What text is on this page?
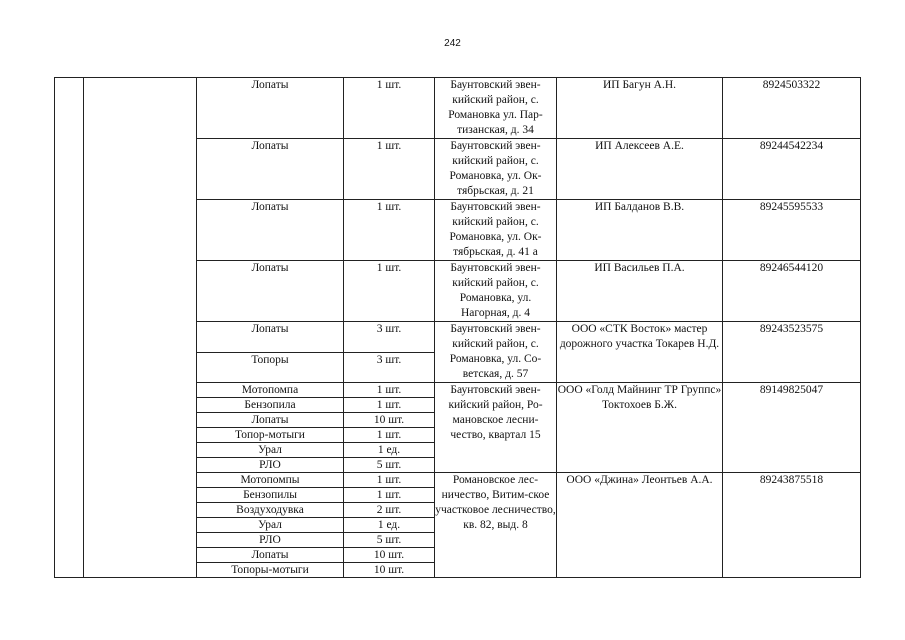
242
		Лопаты	1 шт.	Баунтовский эвен-кийский район, с. Романовка ул. Пар-тизанская, д. 34	ИП Багун А.Н.	8924503322
		Лопаты	1 шт.	Баунтовский эвен-кийский район, с. Романовка, ул. Ок-тябрьская, д. 21	ИП Алексеев А.Е.	89244542234
		Лопаты	1 шт.	Баунтовский эвен-кийский район, с. Романовка, ул. Ок-тябрьская, д. 41 а	ИП Балданов В.В.	89245595533
		Лопаты	1 шт.	Баунтовский эвен-кийский район, с. Романовка, ул. Нагорная, д. 4	ИП Васильев П.А.	89246544120
		Лопаты	3 шт.	Баунтовский эвен-кийский район, с. Романовка, ул. Со-ветская, д. 57	ООО «СТК Восток» мастер дорожного участка Токарев Н.Д.	89243523575
		Топоры	3 шт.			
		Мотопомпа	1 шт.	Баунтовский эвен-кийский район, Ро-мановское лесни-чество, квартал 15	ООО «Голд Майнинг ТР Группс» Токтохоев Б.Ж.	89149825047
		Бензопила	1 шт.			
		Лопаты	10 шт.			
		Топор-мотыги	1 шт.			
		Урал	1 ед.			
		РЛО	5 шт.			
		Мотопомпы	1 шт.	Романовское лес-ничество, Витим-ское участковое лесничество, кв. 82, выд. 8	ООО «Джина» Леонтьев А.А.	89243875518
		Бензопилы	1 шт.			
		Воздуходувка	2 шт.			
		Урал	1 ед.			
		РЛО	5 шт.			
		Лопаты	10 шт.			
		Топоры-мотыги	10 шт.			
